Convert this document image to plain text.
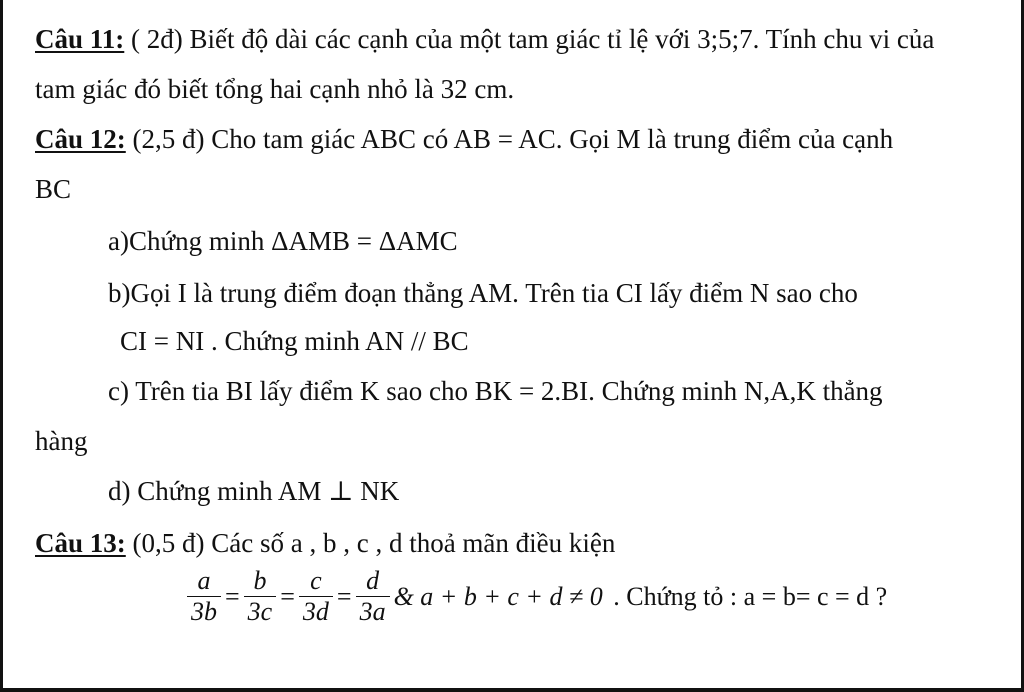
Câu 11: ( 2đ) Biết độ dài các cạnh của một tam giác tỉ lệ với 3;5;7. Tính chu vi của
tam giác đó biết tổng hai cạnh nhỏ là 32 cm.
Câu 12: (2,5 đ) Cho tam giác ABC có AB = AC. Gọi M là trung điểm của cạnh
BC
a)Chứng minh ΔAMB = ΔAMC
b)Gọi I là trung điểm đoạn thẳng AM. Trên tia CI lấy điểm N sao cho
CI = NI . Chứng minh AN // BC
c) Trên tia BI lấy điểm K sao cho BK = 2.BI. Chứng minh N,A,K thẳng
hàng
d) Chứng minh AM ⊥ NK
Câu 13: (0,5 đ) Các số a , b , c , d thoả mãn điều kiện
$\frac{a}{3b} = \frac{b}{3c} = \frac{c}{3d} = \frac{d}{3a}$ & a + b + c + d ≠ 0 . Chứng tỏ : a = b= c = d ?
